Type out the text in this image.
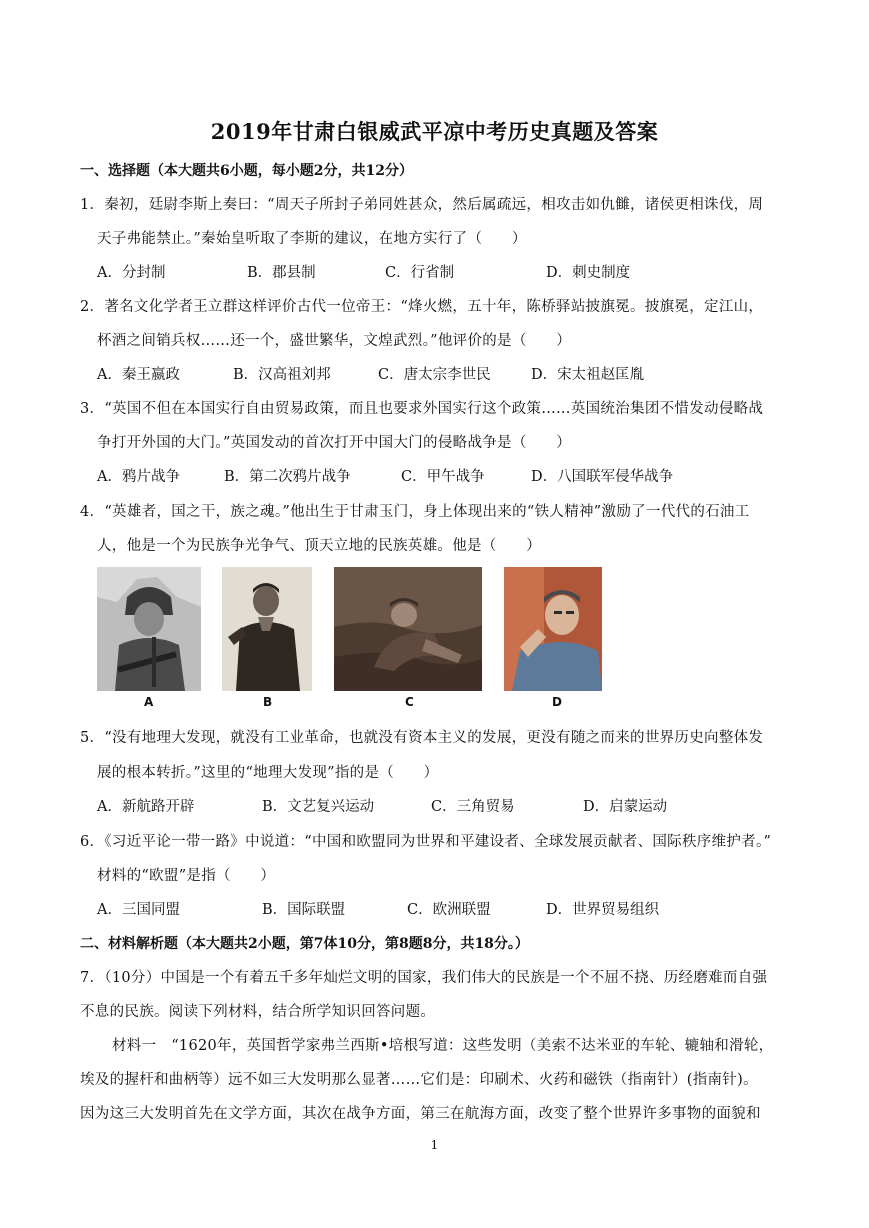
2019年甘肃白银威武平凉中考历史真题及答案
一、选择题（本大题共6小题，每小题2分，共12分）
1．秦初，廷尉李斯上奏曰：“周天子所封子弟同姓甚众，然后属疏远，相攻击如仇雠，诸侯更相诛伐，周
天子弗能禁止。”秦始皇听取了李斯的建议，在地方实行了（　　）
A．分封制	B．郡县制	C．行省制	D．刺史制度
2．著名文化学者王立群这样评价古代一位帝王：“烽火燃，五十年，陈桥驿站披旗冕。披旗冕，定江山，
杯酒之间销兵权……还一个，盛世繁华，文煌武烈。”他评价的是（　　）
A．秦王嬴政	B．汉高祖刘邦	C．唐太宗李世民	D．宋太祖赵匡胤
3．“英国不但在本国实行自由贸易政策，而且也要求外国实行这个政策……英国统治集团不惜发动侵略战
争打开外国的大门。”英国发动的首次打开中国大门的侵略战争是（　　）
A．鸦片战争	B．第二次鸦片战争	C．甲午战争	D．八国联军侵华战争
4．“英雄者，国之干，族之魂。”他出生于甘肃玉门，身上体现出来的“铁人精神”激励了一代代的石油工
人，他是一个为民族争光争气、顶天立地的民族英雄。他是（　　）
A	B	C	D
5．“没有地理大发现，就没有工业革命，也就没有资本主义的发展，更没有随之而来的世界历史向整体发
展的根本转折。”这里的“地理大发现”指的是（　　）
A．新航路开辟	B．文艺复兴运动	C．三角贸易	D．启蒙运动
6．《习近平论一带一路》中说道：“中国和欧盟同为世界和平建设者、全球发展贡献者、国际秩序维护者。”
材料的“欧盟”是指（　　）
A．三国同盟	B．国际联盟	C．欧洲联盟	D．世界贸易组织
二、材料解析题（本大题共2小题，第7体10分，第8题8分，共18分。）
7．（10分）中国是一个有着五千多年灿烂文明的国家，我们伟大的民族是一个不屈不挠、历经磨难而自强
不息的民族。阅读下列材料，结合所学知识回答问题。
材料一　“1620年，英国哲学家弗兰西斯•培根写道：这些发明（美索不达米亚的车轮、辘轴和滑轮，
埃及的握杆和曲柄等）远不如三大发明那么显著……它们是：印刷术、火药和磁铁（指南针）(指南针)。
因为这三大发明首先在文学方面，其次在战争方面，第三在航海方面，改变了整个世界许多事物的面貌和
1
